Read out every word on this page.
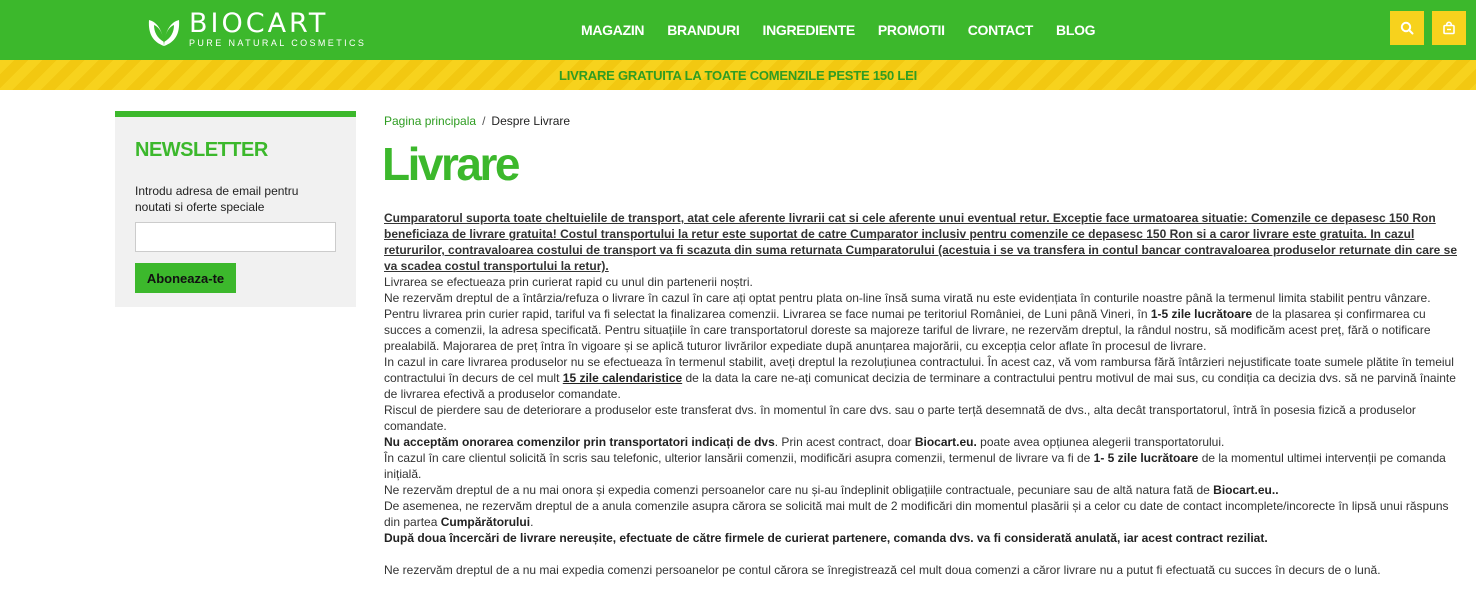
BIOCART
PURE NATURAL COSMETICS
MAGAZIN BRANDURI INGREDIENTE PROMOTII CONTACT BLOG
LIVRARE GRATUITA LA TOATE COMENZILE PESTE 150 LEI
NEWSLETTER
Introdu adresa de email pentru noutati si oferte speciale
Aboneaza-te
Pagina principala / Despre Livrare
Livrare

Cumparatorul suporta toate cheltuielile de transport, atat cele aferente livrarii cat si cele aferente unui eventual retur. Exceptie face urmatoarea situatie: Comenzile ce depasesc 150 Ron beneficiaza de livrare gratuita! Costul transportului la retur este suportat de catre Cumparator inclusiv pentru comenzile ce depasesc 150 Ron si a caror livrare este gratuita. In cazul retururilor, contravaloarea costului de transport va fi scazuta din suma returnata Cumparatorului (acestuia i se va transfera in contul bancar contravaloarea produselor returnate din care se va scadea costul transportului la retur).

Livrarea se efectueaza prin curierat rapid cu unul din partenerii noștri.

Ne rezervăm dreptul de a întârzia/refuza o livrare în cazul în care ați optat pentru plata on-line însă suma virată nu este evidențiata în conturile noastre până la termenul limita stabilit pentru vânzare.

Pentru livrarea prin curier rapid, tariful va fi selectat la finalizarea comenzii. Livrarea se face numai pe teritoriul României, de Luni până Vineri, în 1-5 zile lucrătoare de la plasarea și confirmarea cu succes a comenzii, la adresa specificată. Pentru situațiile în care transportatorul doreste sa majoreze tariful de livrare, ne rezervăm dreptul, la rândul nostru, să modificăm acest preț, fără o notificare prealabilă. Majorarea de preț întra în vigoare și se aplică tuturor livrărilor expediate după anunțarea majorării, cu excepția celor aflate în procesul de livrare.

In cazul in care livrarea produselor nu se efectueaza în termenul stabilit, aveți dreptul la rezoluțiunea contractului. În acest caz, vă vom rambursa fără întârzieri nejustificate toate sumele plătite în temeiul contractului în decurs de cel mult 15 zile calendaristice de la data la care ne-ați comunicat decizia de terminare a contractului pentru motivul de mai sus, cu condiția ca decizia dvs. să ne parvină înainte de livrarea efectivă a produselor comandate.

Riscul de pierdere sau de deteriorare a produselor este transferat dvs. în momentul în care dvs. sau o parte terță desemnată de dvs., alta decât transportatorul, întră în posesia fizică a produselor comandate.

Nu acceptăm onorarea comenzilor prin transportatori indicați de dvs. Prin acest contract, doar Biocart.eu. poate avea opțiunea alegerii transportatorului.

În cazul în care clientul solicită în scris sau telefonic, ulterior lansării comenzii, modificări asupra comenzii, termenul de livrare va fi de 1- 5 zile lucrătoare de la momentul ultimei intervenții pe comanda inițială.

Ne rezervăm dreptul de a nu mai onora și expedia comenzi persoanelor care nu și-au îndeplinit obligațiile contractuale, pecuniare sau de altă natura fată de Biocart.eu..

De asemenea, ne rezervăm dreptul de a anula comenzile asupra cărora se solicită mai mult de 2 modificări din momentul plasării și a celor cu date de contact incomplete/incorecte în lipsă unui răspuns din partea Cumpărătorului.

După doua încercări de livrare nereușite, efectuate de către firmele de curierat partenere, comanda dvs. va fi considerată anulată, iar acest contract reziliat.

Ne rezervăm dreptul de a nu mai expedia comenzi persoanelor pe contul cărora se înregistrează cel mult doua comenzi a căror livrare nu a putut fi efectuată cu succes în decurs de o lună.
